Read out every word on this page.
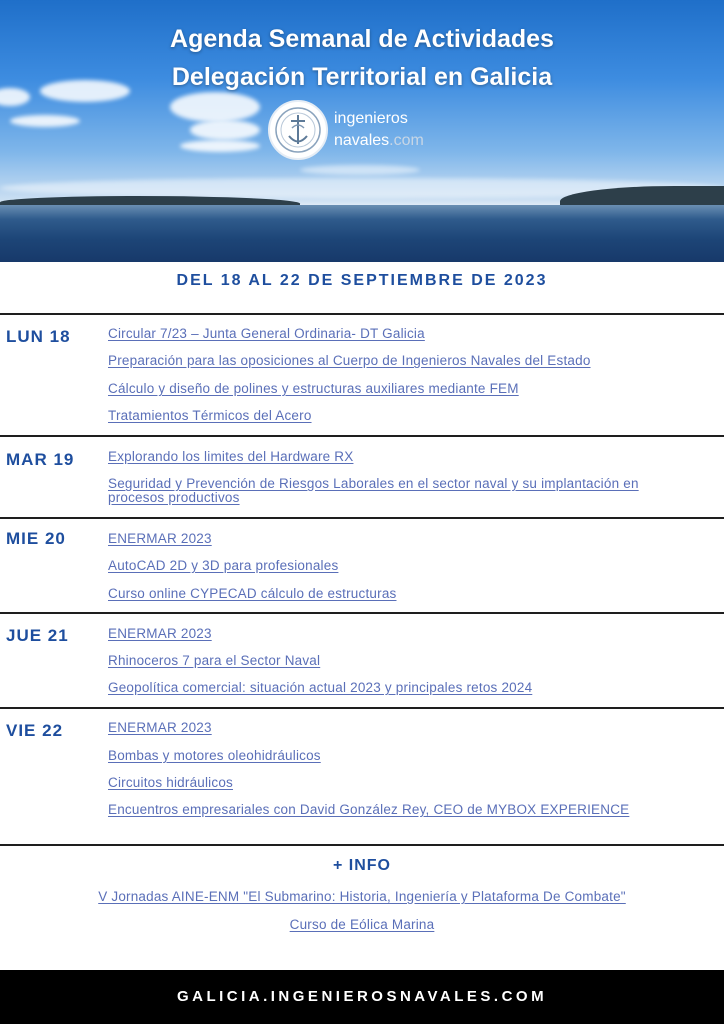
Agenda Semanal de Actividades
Delegación Territorial en Galicia
ingenieros
navales.com
DEL 18 AL 22 DE SEPTIEMBRE DE 2023
LUN 18	Circular 7/23 – Junta General Ordinaria- DT Galicia
Preparación para las oposiciones al Cuerpo de Ingenieros Navales del Estado
Cálculo y diseño de polines y estructuras auxiliares mediante FEM
Tratamientos Térmicos del Acero
MAR 19 Explorando los limites del Hardware RX
Seguridad y Prevención de Riesgos Laborales en el sector naval y su implantación en procesos productivos
MIE 20	ENERMAR 2023
AutoCAD 2D y 3D para profesionales
Curso online CYPECAD cálculo de estructuras
JUE 21	ENERMAR 2023
Rhinoceros 7 para el Sector Naval
Geopolítica comercial: situación actual 2023 y principales retos 2024
VIE 22	ENERMAR 2023
Bombas y motores oleohidráulicos
Circuitos hidráulicos
Encuentros empresariales con David González Rey, CEO de MYBOX EXPERIENCE
+ INFO
V Jornadas AINE-ENM "El Submarino: Historia, Ingeniería y Plataforma De Combate"
Curso de Eólica Marina
GALICIA.INGENIEROSNAVALES.COM
